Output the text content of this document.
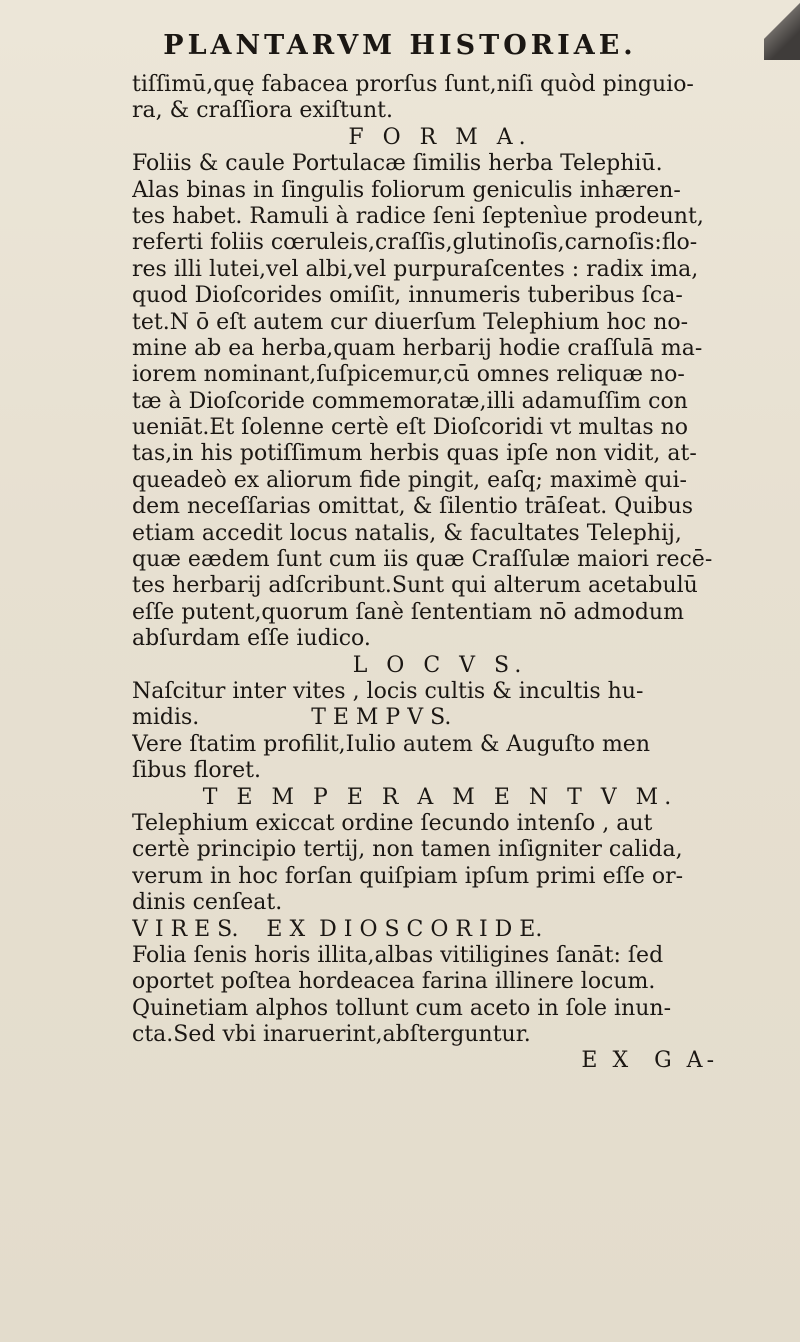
PLANTARVM HISTORIAE.
tiſſimū,quę fabacea prorſus ſunt,niſi quòd pinguio-
ra, & craſſiora exiſtunt.
F O R M A.
Foliis & caule Portulacæ ſimilis herba Telephiū.
Alas binas in ſingulis foliorum geniculis inhæren-
tes habet. Ramuli à radice ſeni ſeptenìue prodeunt,
referti foliis cœruleis,craſſis,glutinoſis,carnoſis:flo-
res illi lutei,vel albi,vel purpuraſcentes : radix ima,
quod Dioſcorides omiſit, innumeris tuberibus ſca-
tet.N ō eſt autem cur diuerſum Telephium hoc no-
mine ab ea herba,quam herbarij hodie craſſulā ma-
iorem nominant,ſuſpicemur,cū omnes reliquæ no-
tæ à Dioſcoride commemoratæ,illi adamuſſim con
ueniāt.Et ſolenne certè eſt Dioſcoridi vt multas no
tas,in his potiſſimum herbis quas ipſe non vidit, at-
queadeò ex aliorum fide pingit, eaſq; maximè qui-
dem neceſſarias omittat, & ſilentio trāſeat. Quibus
etiam accedit locus natalis, & facultates Telephij,
quæ eædem ſunt cum iis quæ Craſſulæ maiori recē-
tes herbarij adſcribunt.Sunt qui alterum acetabulū
eſſe putent,quorum ſanè ſententiam nō admodum
abſurdam eſſe iudico.
L O C V S.
Naſcitur inter vites , locis cultis & incultis hu-
midis.                T E M P V S.
Vere ſtatim profilit,Iulio autem & Auguſto men
ſibus floret.
T E M P E R A M E N T V M.
Telephium exiccat ordine ſecundo intenſo , aut
certè principio tertij, non tamen inſigniter calida,
verum in hoc forſan quiſpiam ipſum primi eſſe or-
dinis cenſeat.
V I R E S.    E X  D I O S C O R I D E.
Folia ſenis horis illita,albas vitiligines ſanāt: ſed
oportet poſtea hordeacea farina illinere locum.
Quinetiam alphos tollunt cum aceto in ſole inun-
cta.Sed vbi inaruerint,abſterguntur.
E X  G A-
